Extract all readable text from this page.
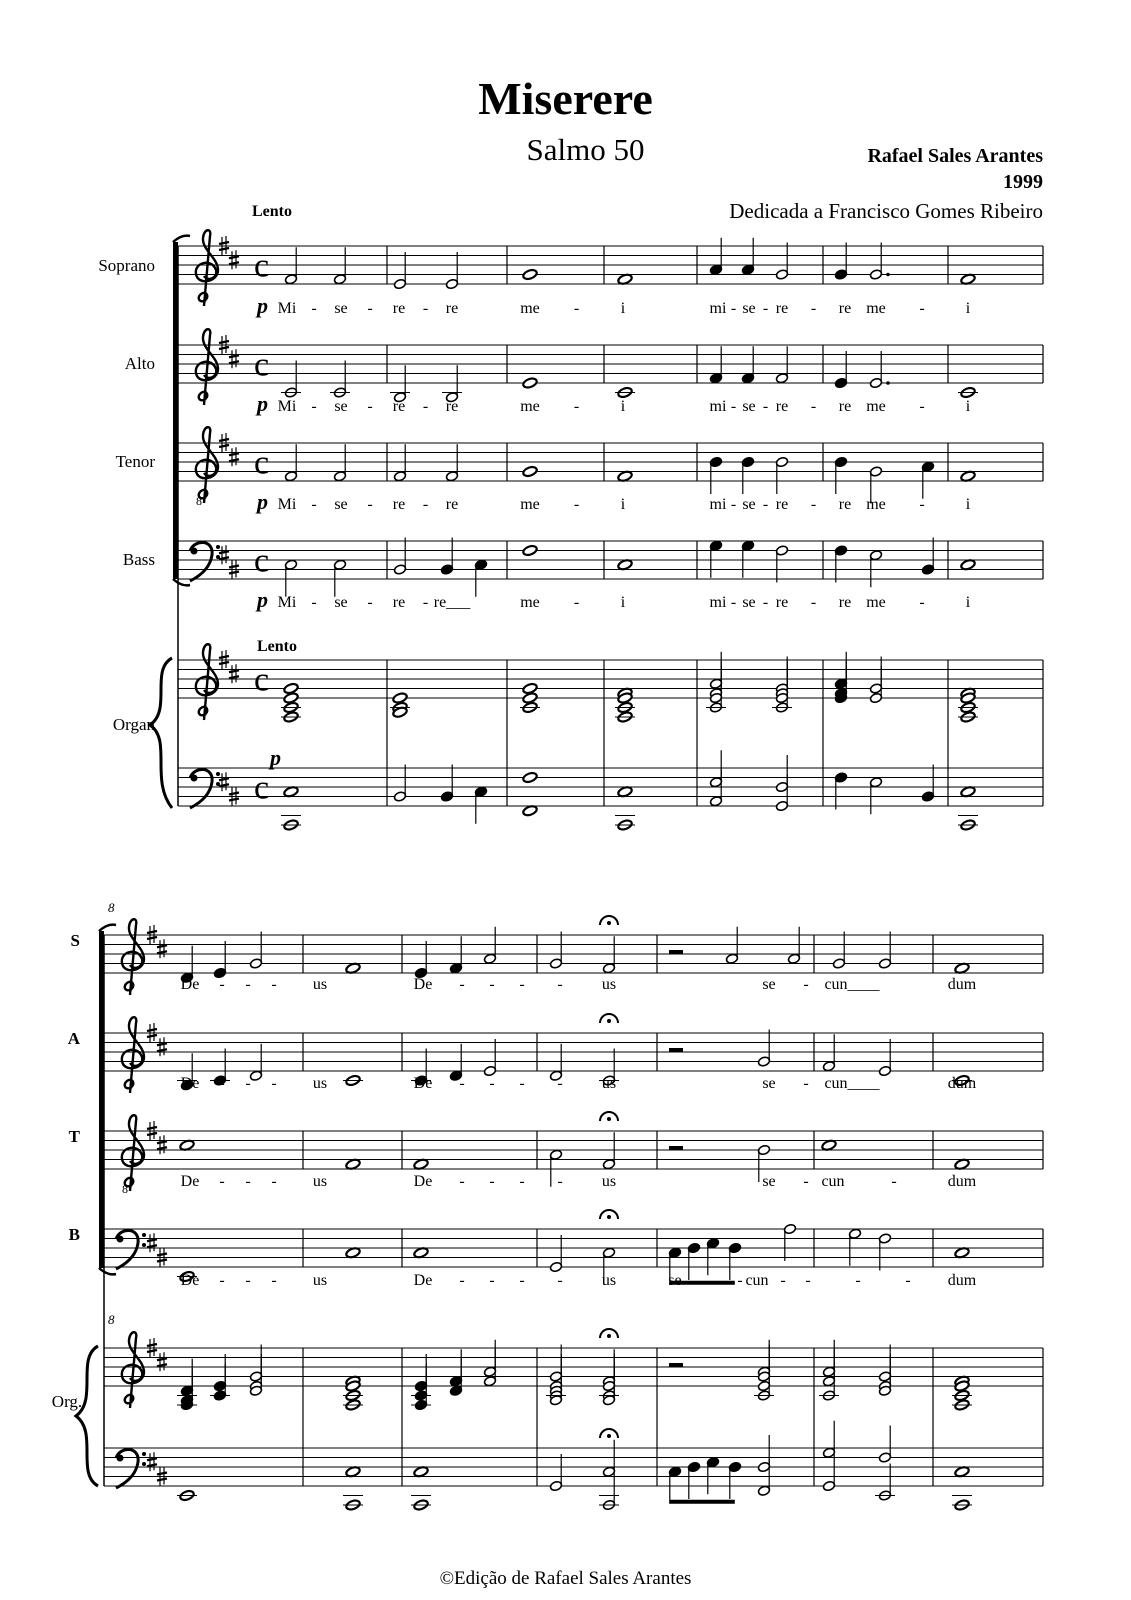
Miserere
Salmo 50	Rafael Sales Arantes
1999
Dedicada a Francisco Gomes Ribeiro
Soprano
Alto
Tenor
Bass
Organ
Lento
Lento
c
c
8
c
c
c
c
p Mi - se - re - re	me -	i	mi - se - re - re me -	i
p Mi - se - re - re	me -	i	mi - se - re - re me -	i
p Mi - se - re - re	me -	i	mi - se - re - re me -	i
p Mi - se - re - re___	me -	i	mi - se - re - re me -	i
p
8
8
S
A
T
B
Org.
8
De - - - us	De - - - - us	se - cun____	dum
De - - - us	De - - - - us	se - cun____	dum
De - - - us	De - - - - us	se - cun	-	dum
De - - - us	De - - - - us	se	- cun - -	-	- dum
©Edição de Rafael Sales Arantes
